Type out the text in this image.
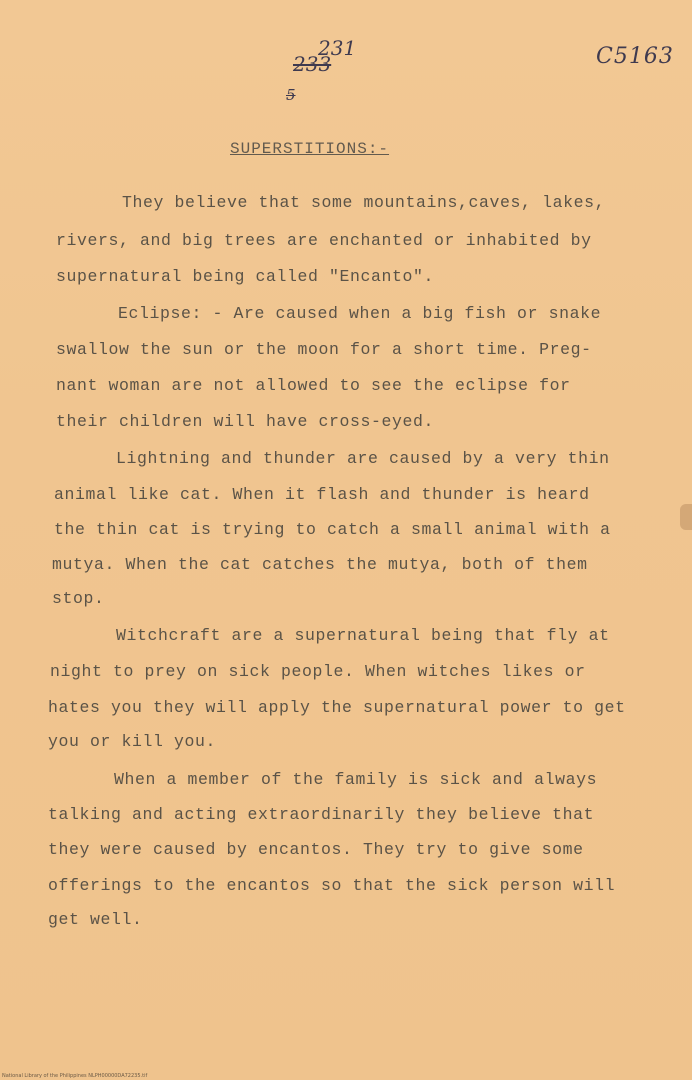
231
233	C5163
5
SUPERSTITIONS:-
They believe that some mountains,caves, lakes,
rivers, and big trees are enchanted or inhabited by
supernatural being called "Encanto".
Eclipse: - Are caused when a big fish or snake
swallow the sun or the moon for a short time. Preg-
nant woman are not allowed to see the eclipse for
their children will have cross-eyed.
Lightning and thunder are caused by a very thin
animal like cat. When it flash and thunder is heard
the thin cat is trying to catch a small animal with a
mutya. When the cat catches the mutya, both of them
stop.
Witchcraft are a supernatural being that fly at
night to prey on sick people. When witches likes or
hates you they will apply the supernatural power to get
you or kill you.
When a member of the family is sick and always
talking and acting extraordinarily they believe that
they were caused by encantos. They try to give some
offerings to the encantos so that the sick person will
get well.
National Library of the Philippines NLPH00000DA72235.tif
